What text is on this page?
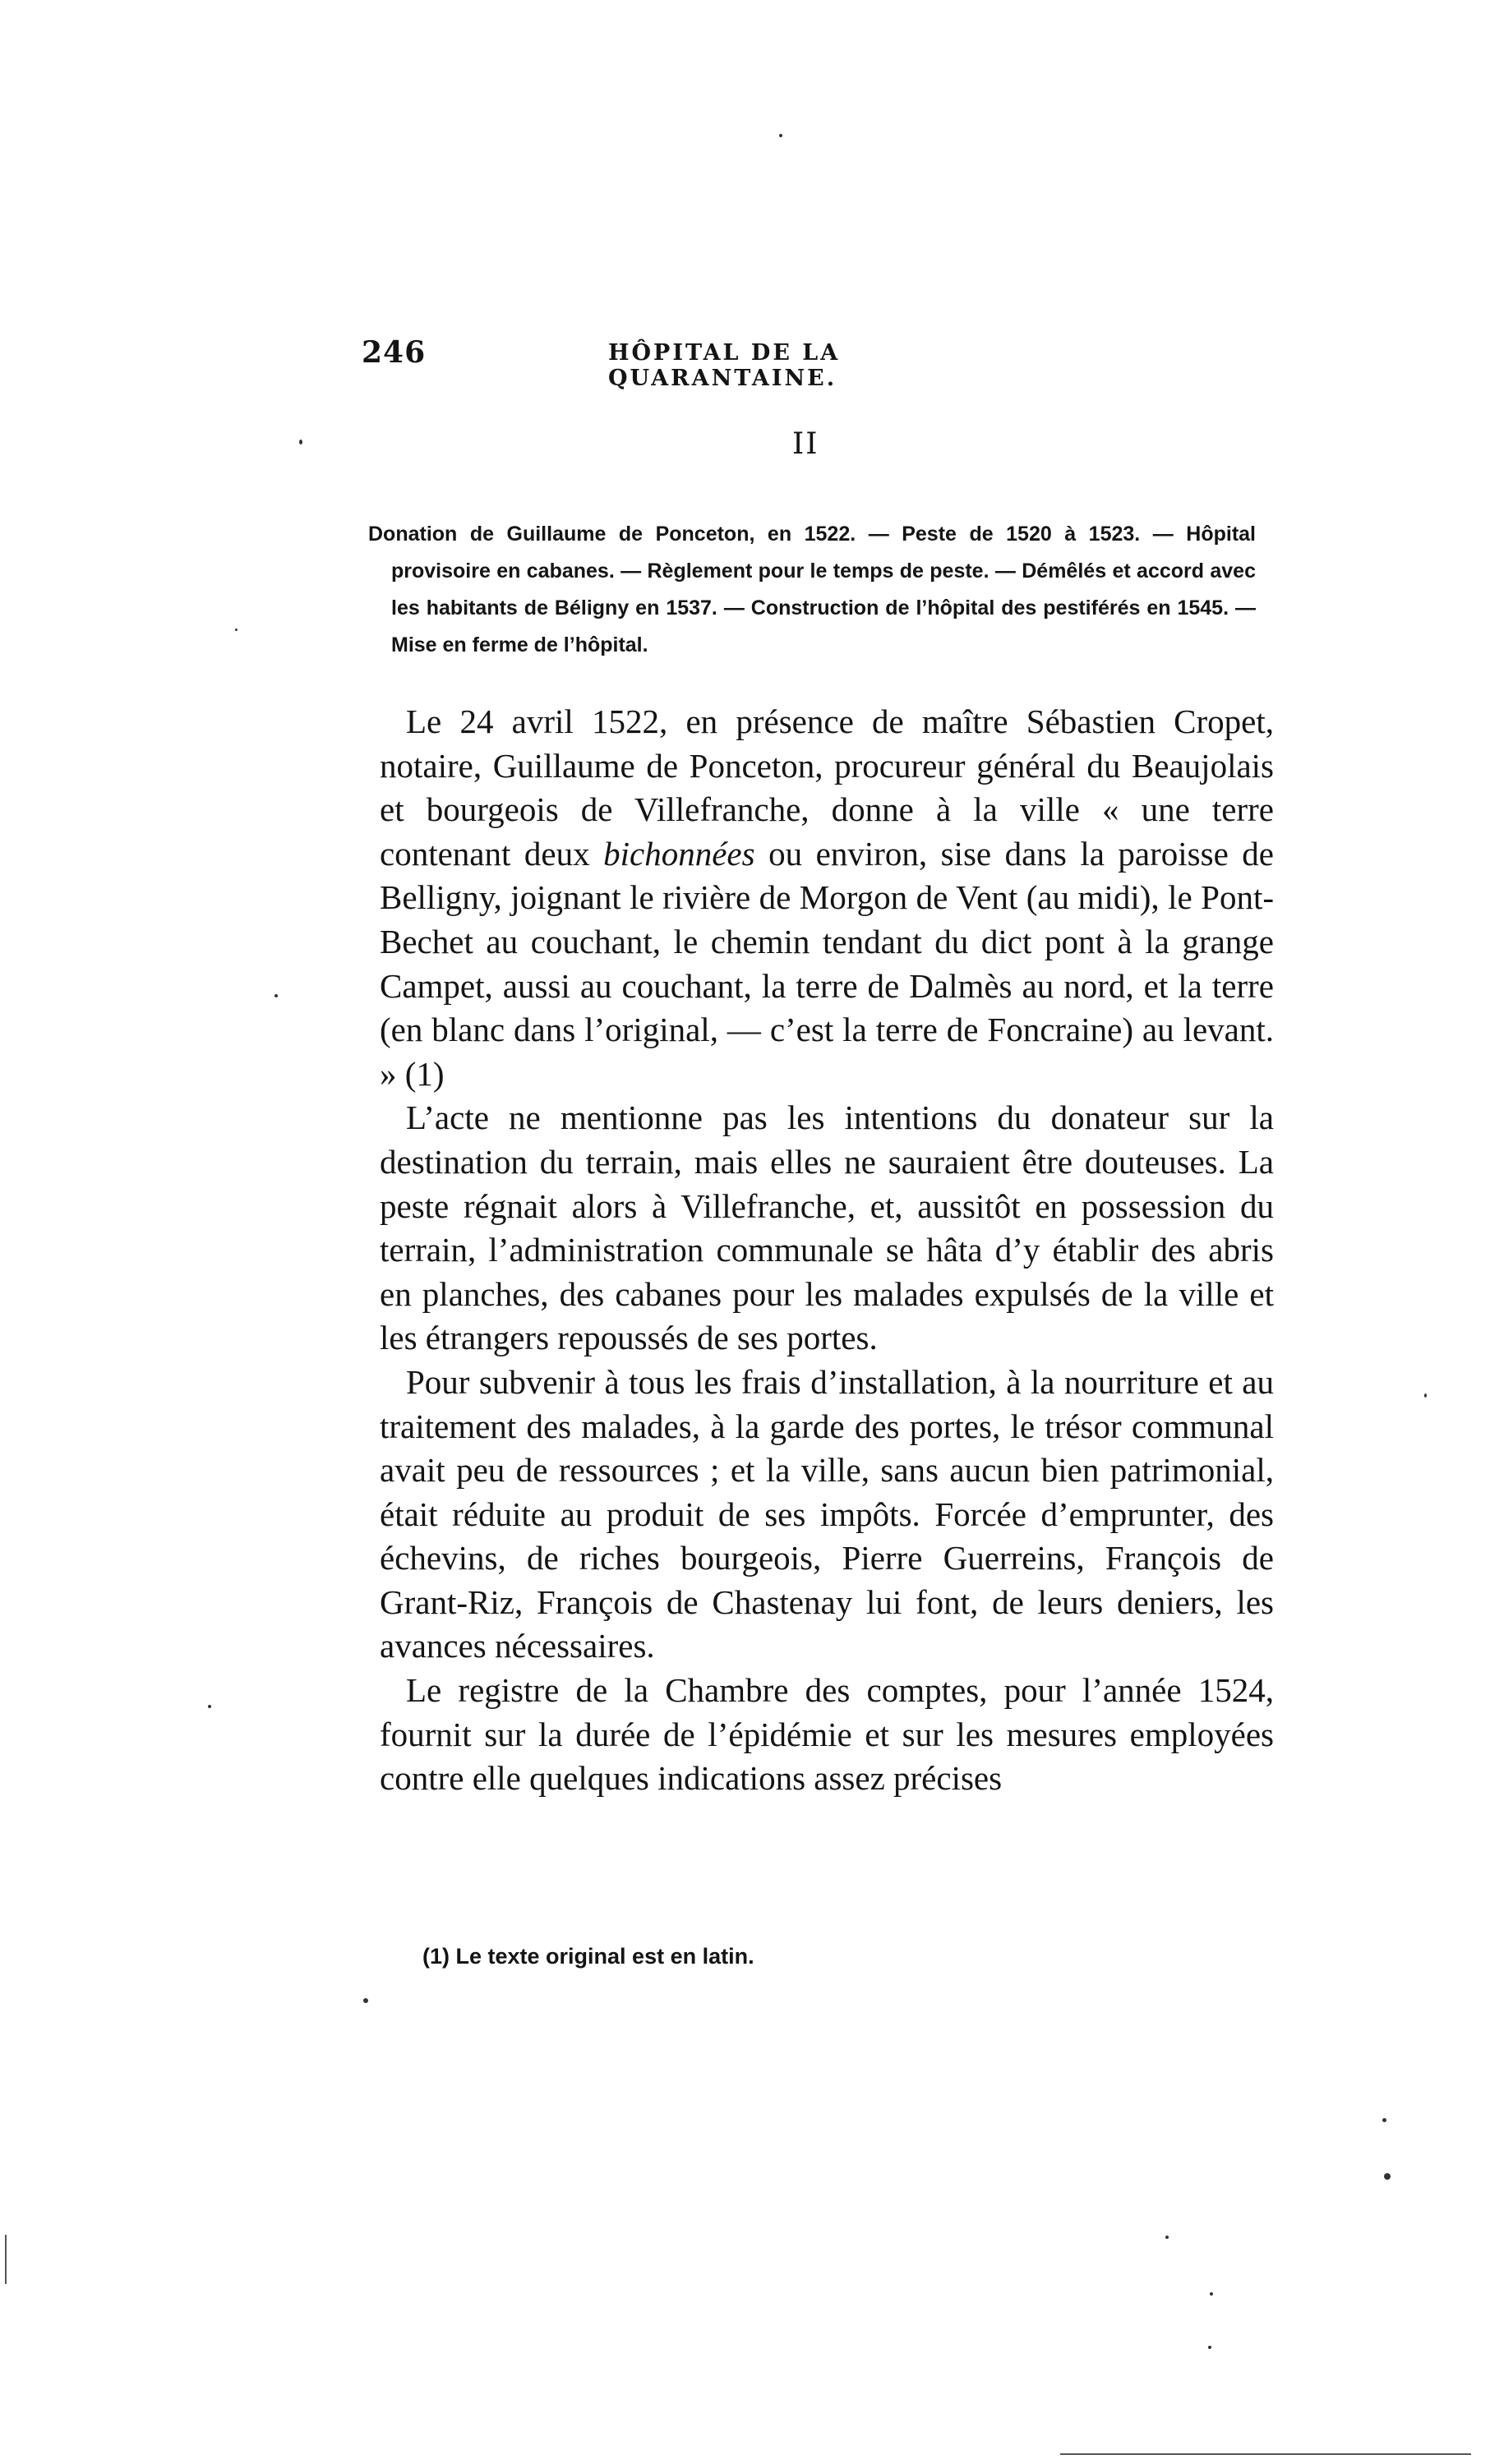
246	HÔPITAL DE LA QUARANTAINE.
II
Donation de Guillaume de Ponceton, en 1522. — Peste de 1520 à 1523. — Hôpital provisoire en cabanes. — Règlement pour le temps de peste. — Démêlés et accord avec les habitants de Béligny en 1537. — Construction de l’hôpital des pestiférés en 1545. — Mise en ferme de l’hôpital.

Le 24 avril 1522, en présence de maître Sébastien Cropet, notaire, Guillaume de Ponceton, procureur général du Beaujolais et bourgeois de Villefranche, donne à la ville « une terre contenant deux bichonnées ou environ, sise dans la paroisse de Belligny, joignant le rivière de Morgon de Vent (au midi), le Pont-Bechet au couchant, le chemin tendant du dict pont à la grange Campet, aussi au couchant, la terre de Dalmès au nord, et la terre (en blanc dans l’original, — c’est la terre de Foncraine) au levant. » (1)

L’acte ne mentionne pas les intentions du donateur sur la destination du terrain, mais elles ne sauraient être douteuses. La peste régnait alors à Villefranche, et, aussitôt en possession du terrain, l’administration communale se hâta d’y établir des abris en planches, des cabanes pour les malades expulsés de la ville et les étrangers repoussés de ses portes.

Pour subvenir à tous les frais d’installation, à la nourriture et au traitement des malades, à la garde des portes, le trésor communal avait peu de ressources ; et la ville, sans aucun bien patrimonial, était réduite au produit de ses impôts. Forcée d’emprunter, des échevins, de riches bourgeois, Pierre Guerreins, François de Grant-Riz, François de Chastenay lui font, de leurs deniers, les avances nécessaires.

Le registre de la Chambre des comptes, pour l’année 1524, fournit sur la durée de l’épidémie et sur les mesures employées contre elle quelques indications assez précises

(1) Le texte original est en latin.
